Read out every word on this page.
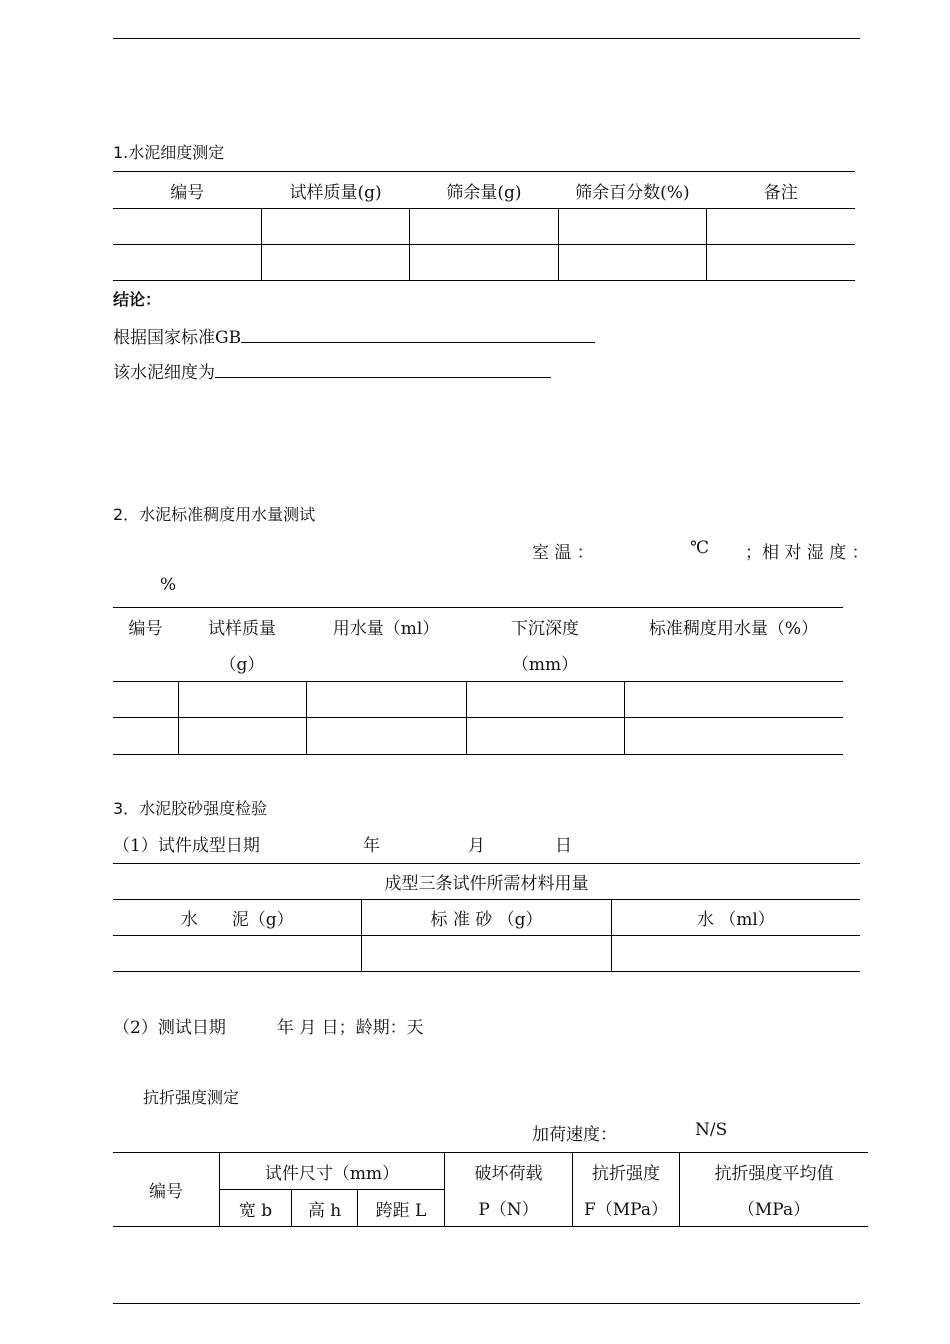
1.水泥细度测定
编号	试样质量(g)	筛余量(g)	筛余百分数(%)	备注

结论：
根据国家标准GB
该水泥细度为
2．水泥标准稠度用水量测试
室 温 ：	℃ ；相 对 湿 度 ：
%
编号	试样质量	用水量（ml）	下沉深度	标准稠度用水量（%）
	（g）		（mm）	

3．水泥胶砂强度检验
（1）试件成型日期	年	月	日
成型三条试件所需材料用量		
水　　泥（g）	标 准 砂 （g）	水 （ml）

（2）测试日期　　　年 月 日；龄期：天
抗折强度测定
加荷速度：	N/S
编号	试件尺寸（mm）			破坏荷载	抗折强度	抗折强度平均值
	宽 b	高 h	跨距 L	P（N）	F（MPa）	（MPa）
